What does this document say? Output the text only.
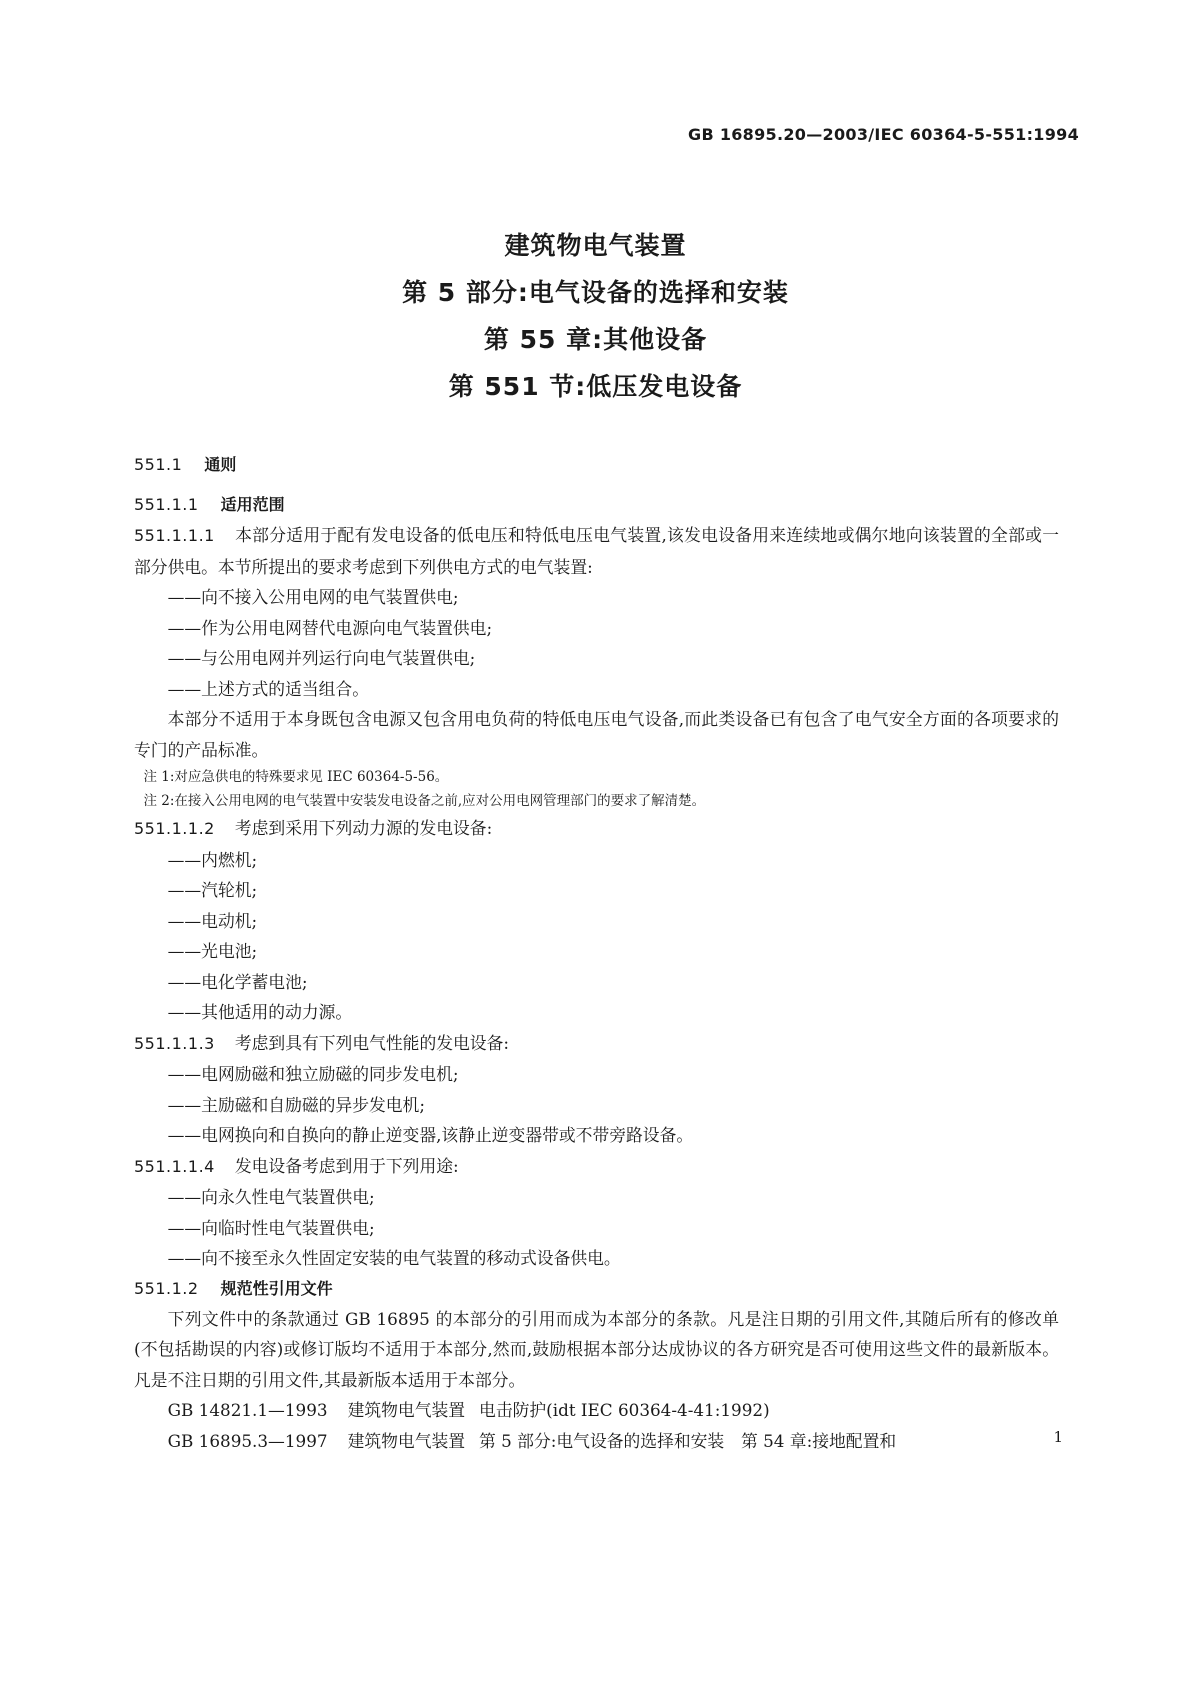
GB 16895.20—2003/IEC 60364-5-551:1994
建筑物电气装置
第 5 部分:电气设备的选择和安装
第 55 章:其他设备
第 551 节:低压发电设备
551.1 通则
551.1.1 适用范围
551.1.1.1 本部分适用于配有发电设备的低电压和特低电压电气装置,该发电设备用来连续地或偶尔地向该装置的全部或一部分供电。本节所提出的要求考虑到下列供电方式的电气装置:
——向不接入公用电网的电气装置供电;
——作为公用电网替代电源向电气装置供电;
——与公用电网并列运行向电气装置供电;
——上述方式的适当组合。
本部分不适用于本身既包含电源又包含用电负荷的特低电压电气设备,而此类设备已有包含了电气安全方面的各项要求的专门的产品标准。
注 1:对应急供电的特殊要求见 IEC 60364-5-56。
注 2:在接入公用电网的电气装置中安装发电设备之前,应对公用电网管理部门的要求了解清楚。
551.1.1.2 考虑到采用下列动力源的发电设备:
——内燃机;
——汽轮机;
——电动机;
——光电池;
——电化学蓄电池;
——其他适用的动力源。
551.1.1.3 考虑到具有下列电气性能的发电设备:
——电网励磁和独立励磁的同步发电机;
——主励磁和自励磁的异步发电机;
——电网换向和自换向的静止逆变器,该静止逆变器带或不带旁路设备。
551.1.1.4 发电设备考虑到用于下列用途:
——向永久性电气装置供电;
——向临时性电气装置供电;
——向不接至永久性固定安装的电气装置的移动式设备供电。
551.1.2 规范性引用文件
下列文件中的条款通过 GB 16895 的本部分的引用而成为本部分的条款。凡是注日期的引用文件,其随后所有的修改单(不包括勘误的内容)或修订版均不适用于本部分,然而,鼓励根据本部分达成协议的各方研究是否可使用这些文件的最新版本。凡是不注日期的引用文件,其最新版本适用于本部分。
GB 14821.1—1993 建筑物电气装置 电击防护(idt IEC 60364-4-41:1992)
GB 16895.3—1997 建筑物电气装置 第 5 部分:电气设备的选择和安装　第 54 章:接地配置和	1
